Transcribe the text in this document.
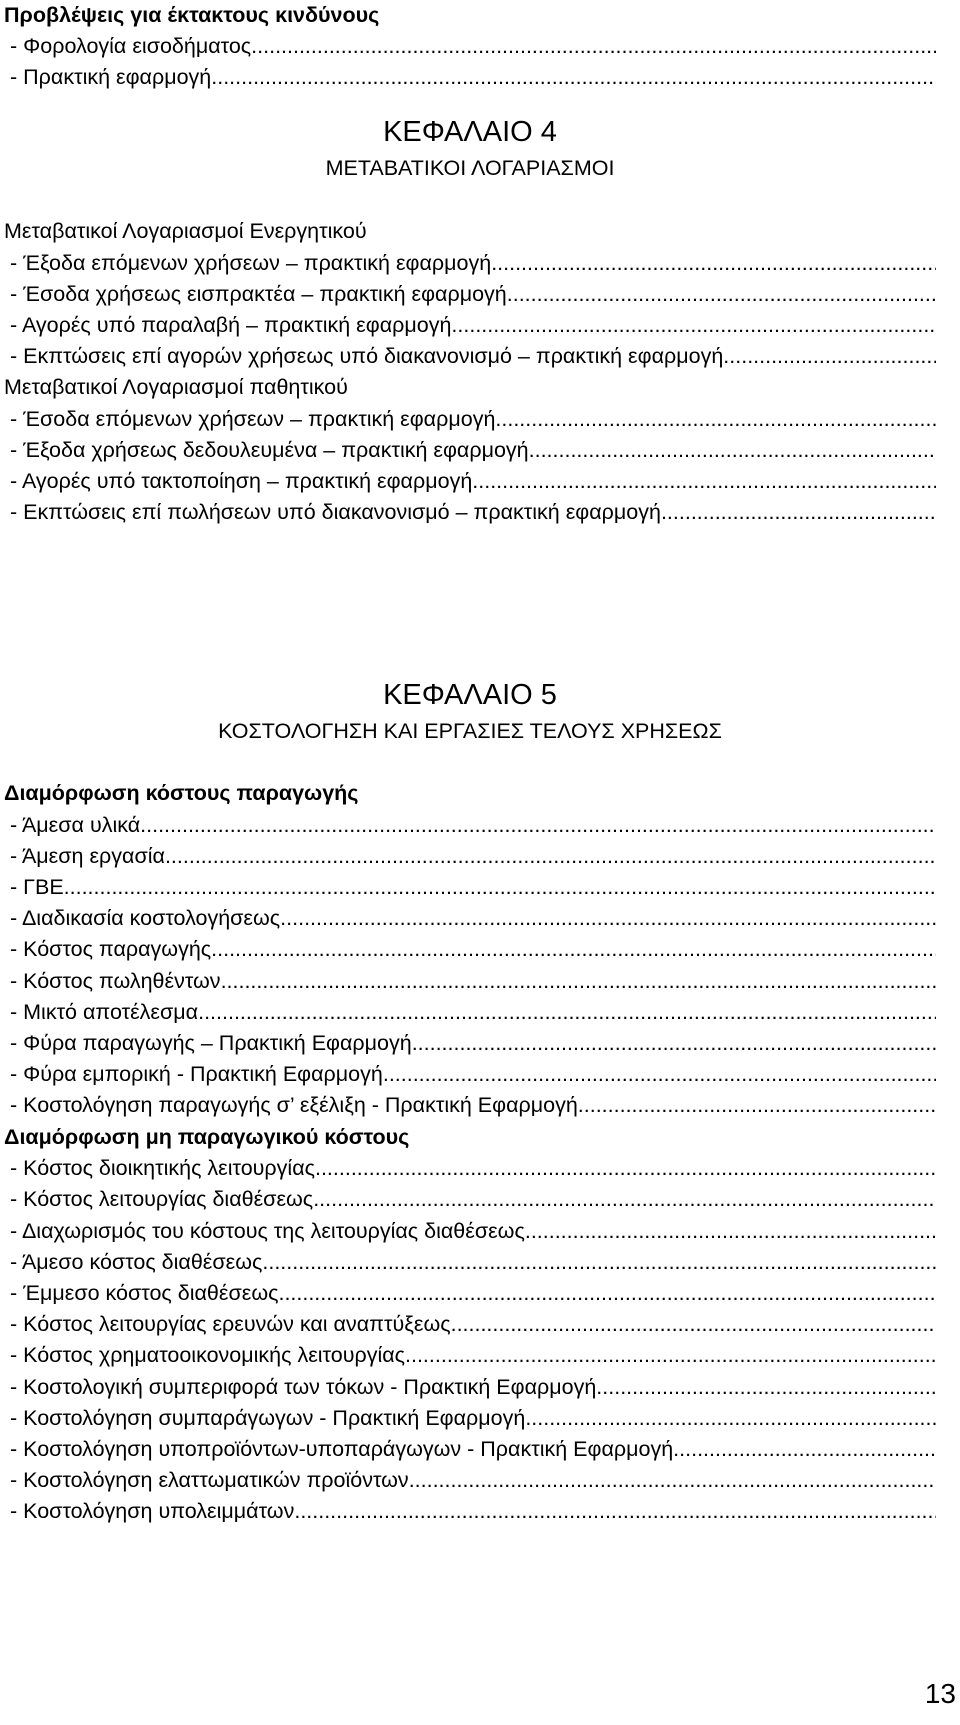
Προβλέψεις για έκτακτους κινδύνους
- Φορολογία εισοδήματος
.....
- Πρακτική εφαρμογή
.....
ΚΕΦΑΛΑΙΟ 4
ΜΕΤΑΒΑΤΙΚΟΙ ΛΟΓΑΡΙΑΣΜΟΙ
Μεταβατικοί Λογαριασμοί Ενεργητικού
- Έξοδα επόμενων χρήσεων – πρακτική εφαρμογή
.....
- Έσοδα χρήσεως εισπρακτέα – πρακτική εφαρμογή
.....
- Αγορές υπό παραλαβή – πρακτική εφαρμογή
.....
- Εκπτώσεις επί αγορών χρήσεως υπό διακανονισμό – πρακτική εφαρμογή
.....
Μεταβατικοί Λογαριασμοί παθητικού
- Έσοδα επόμενων χρήσεων – πρακτική εφαρμογή
.....
- Έξοδα χρήσεως δεδουλευμένα – πρακτική εφαρμογή
.....
- Αγορές υπό τακτοποίηση – πρακτική εφαρμογή
.....
- Εκπτώσεις επί πωλήσεων υπό διακανονισμό – πρακτική εφαρμογή
.....
ΚΕΦΑΛΑΙΟ 5
ΚΟΣΤΟΛΟΓΗΣΗ ΚΑΙ ΕΡΓΑΣΙΕΣ ΤΕΛΟΥΣ ΧΡΗΣΕΩΣ
Διαμόρφωση κόστους παραγωγής
- Άμεσα υλικά
.....
- Άμεση εργασία
.....
- ΓΒΕ
.....
- Διαδικασία κοστολογήσεως
.....
- Κόστος παραγωγής
.....
- Κόστος πωληθέντων
.....
- Μικτό αποτέλεσμα
.....
- Φύρα παραγωγής – Πρακτική Εφαρμογή
.....
- Φύρα εμπορική - Πρακτική Εφαρμογή
.....
- Κοστολόγηση παραγωγής σ’ εξέλιξη - Πρακτική Εφαρμογή
.....
Διαμόρφωση μη παραγωγικού κόστους
- Κόστος διοικητικής λειτουργίας
.....
- Κόστος λειτουργίας διαθέσεως
.....
- Διαχωρισμός του κόστους της λειτουργίας διαθέσεως
.....
- Άμεσο κόστος διαθέσεως
.....
- Έμμεσο κόστος διαθέσεως
.....
- Κόστος λειτουργίας ερευνών και αναπτύξεως
.....
- Κόστος χρηματοοικονομικής λειτουργίας
.....
- Κοστολογική συμπεριφορά των τόκων - Πρακτική Εφαρμογή
.....
- Κοστολόγηση συμπαράγωγων - Πρακτική Εφαρμογή
.....
- Κοστολόγηση υποπροϊόντων-υποπαράγωγων - Πρακτική Εφαρμογή
.....
- Κοστολόγηση ελαττωματικών προϊόντων
.....
- Κοστολόγηση υπολειμμάτων
.....
13
